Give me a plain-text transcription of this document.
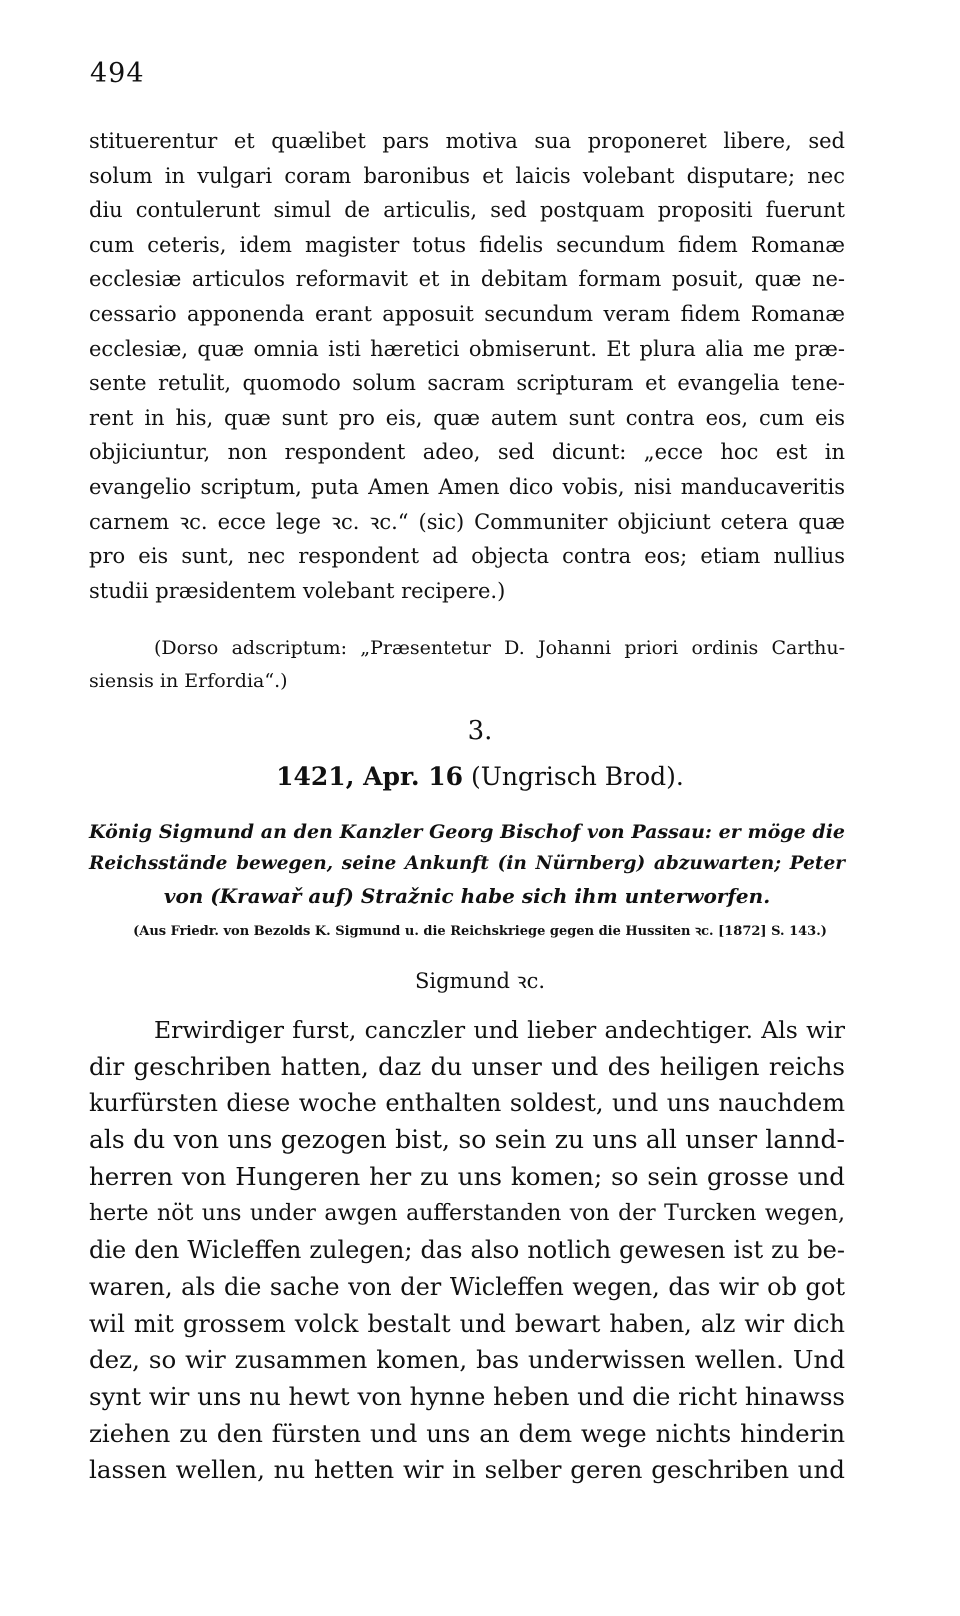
494
stituerentur et quælibet pars motiva sua proponeret libere, sed
solum in vulgari coram baronibus et laicis volebant disputare; nec
diu contulerunt simul de articulis, sed postquam propositi fuerunt
cum ceteris, idem magister totus fidelis secundum fidem Romanæ
ecclesiæ articulos reformavit et in debitam formam posuit, quæ ne-
cessario apponenda erant apposuit secundum veram fidem Romanæ
ecclesiæ, quæ omnia isti hæretici obmiserunt. Et plura alia me præ-
sente retulit, quomodo solum sacram scripturam et evangelia tene-
rent in his, quæ sunt pro eis, quæ autem sunt contra eos, cum eis
objiciuntur, non respondent adeo, sed dicunt: „ecce hoc est in
evangelio scriptum, puta Amen Amen dico vobis, nisi manducaveritis
carnem ꝛc. ecce lege ꝛc. ꝛc.“ (sic) Communiter objiciunt cetera quæ
pro eis sunt, nec respondent ad objecta contra eos; etiam nullius
studii præsidentem volebant recipere.)
(Dorso adscriptum: „Præsentetur D. Johanni priori ordinis Carthu-
siensis in Erfordia“.)
3.
1421, Apr. 16 (Ungrisch Brod).
König Sigmund an den Kanzler Georg Bischof von Passau: er möge die
Reichsstände bewegen, seine Ankunft (in Nürnberg) abzuwarten; Peter
von (Krawař auf) Stražnic habe sich ihm unterworfen.
(Aus Friedr. von Bezolds K. Sigmund u. die Reichskriege gegen die Hussiten ꝛc. [1872] S. 143.)
Sigmund ꝛc.
Erwirdiger furst, canczler und lieber andechtiger. Als wir
dir geschriben hatten, daz du unser und des heiligen reichs
kurfürsten diese woche enthalten soldest, und uns nauchdem
als du von uns gezogen bist, so sein zu uns all unser lannd-
herren von Hungeren her zu uns komen; so sein grosse und
herte nöt uns under awgen aufferstanden von der Turcken wegen,
die den Wicleffen zulegen; das also notlich gewesen ist zu be-
waren, als die sache von der Wicleffen wegen, das wir ob got
wil mit grossem volck bestalt und bewart haben, alz wir dich
dez, so wir zusammen komen, bas underwissen wellen. Und
synt wir uns nu hewt von hynne heben und die richt hinawss
ziehen zu den fürsten und uns an dem wege nichts hinderin
lassen wellen, nu hetten wir in selber geren geschriben und
